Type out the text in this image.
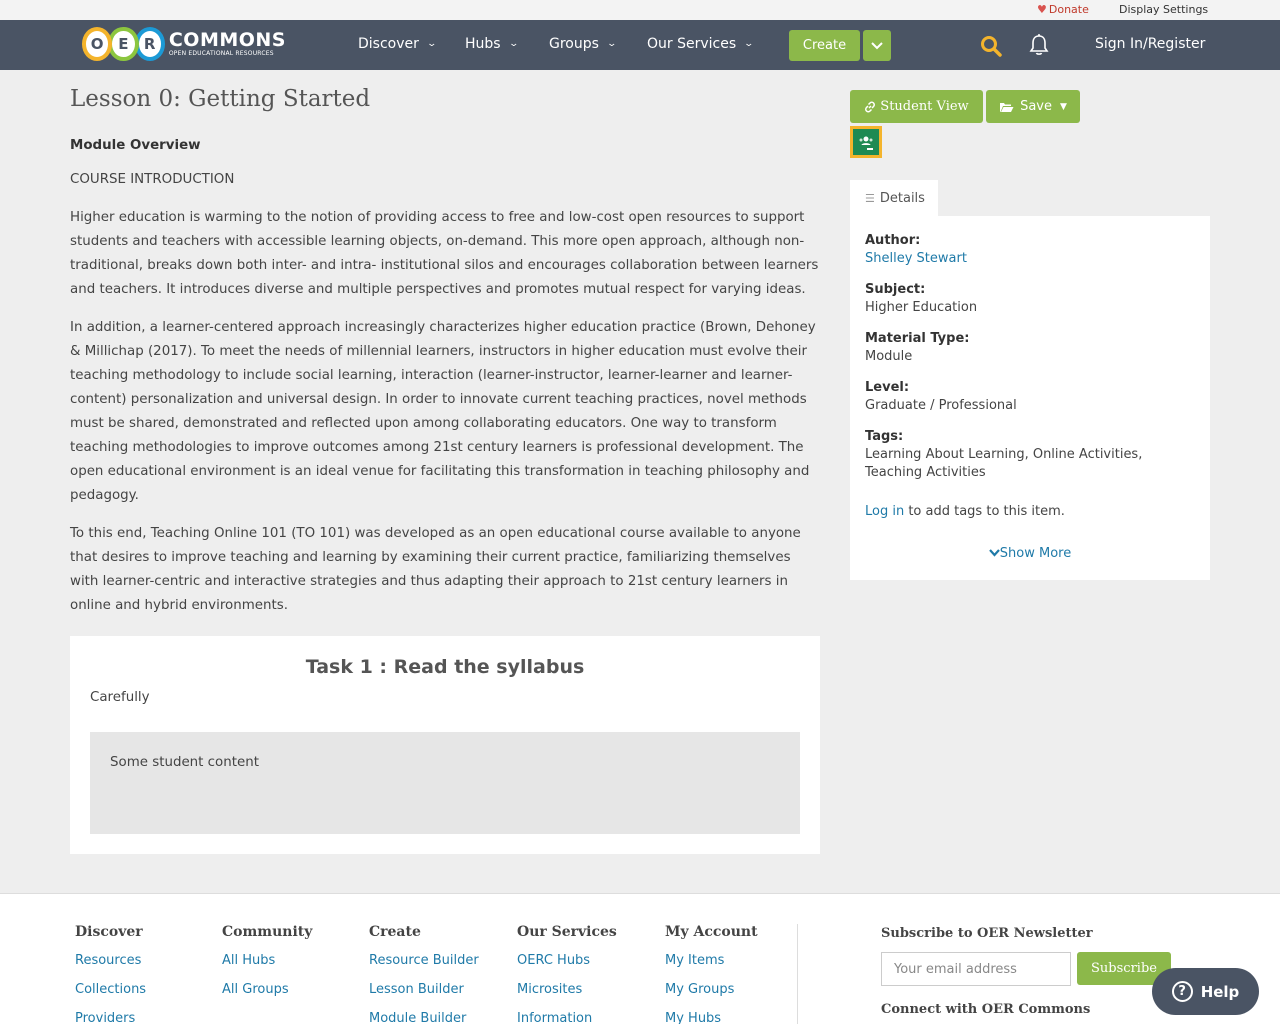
♥ Donate	Display Settings
O E	R COMMONS
OPEN EDUCATIONAL RESOURCES
Discover ⌄ Hubs ⌄ Groups ⌄ Our Services ⌄	Create	Sign In/Register
Lesson 0: Getting Started
Module Overview
COURSE INTRODUCTION

Higher education is warming to the notion of providing access to free and low-cost open resources to support students and teachers with accessible learning objects, on-demand. This more open approach, although non-traditional, breaks down both inter- and intra- institutional silos and encourages collaboration between learners and teachers. It introduces diverse and multiple perspectives and promotes mutual respect for varying ideas.

In addition, a learner-centered approach increasingly characterizes higher education practice (Brown, Dehoney & Millichap (2017). To meet the needs of millennial learners, instructors in higher education must evolve their teaching methodology to include social learning, interaction (learner-instructor, learner-learner and learner-content) personalization and universal design. In order to innovate current teaching practices, novel methods must be shared, demonstrated and reflected upon among collaborating educators. One way to transform teaching methodologies to improve outcomes among 21st century learners is professional development. The open educational environment is an ideal venue for facilitating this transformation in teaching philosophy and pedagogy.

To this end, Teaching Online 101 (TO 101) was developed as an open educational course available to anyone that desires to improve teaching and learning by examining their current practice, familiarizing themselves with learner-centric and interactive strategies and thus adapting their approach to 21st century learners in online and hybrid environments.

Task 1 : Read the syllabus
Carefully
Some student content
Student View	Save ▼
☰ Details
Author:
Shelley Stewart
Subject:
Higher Education
Material Type:
Module
Level:
Graduate / Professional
Tags:
Learning About Learning, Online Activities, Teaching Activities
Log in to add tags to this item.
Show More
Discover
Resources
Collections
Providers
Community
All Hubs
All Groups
Create
Resource Builder
Lesson Builder
Module Builder
Our Services
OERC Hubs
Microsites
Information
My Account
My Items
My Groups
My Hubs
Subscribe to OER Newsletter
Your email address
Subscribe
Connect with OER Commons
? Help
